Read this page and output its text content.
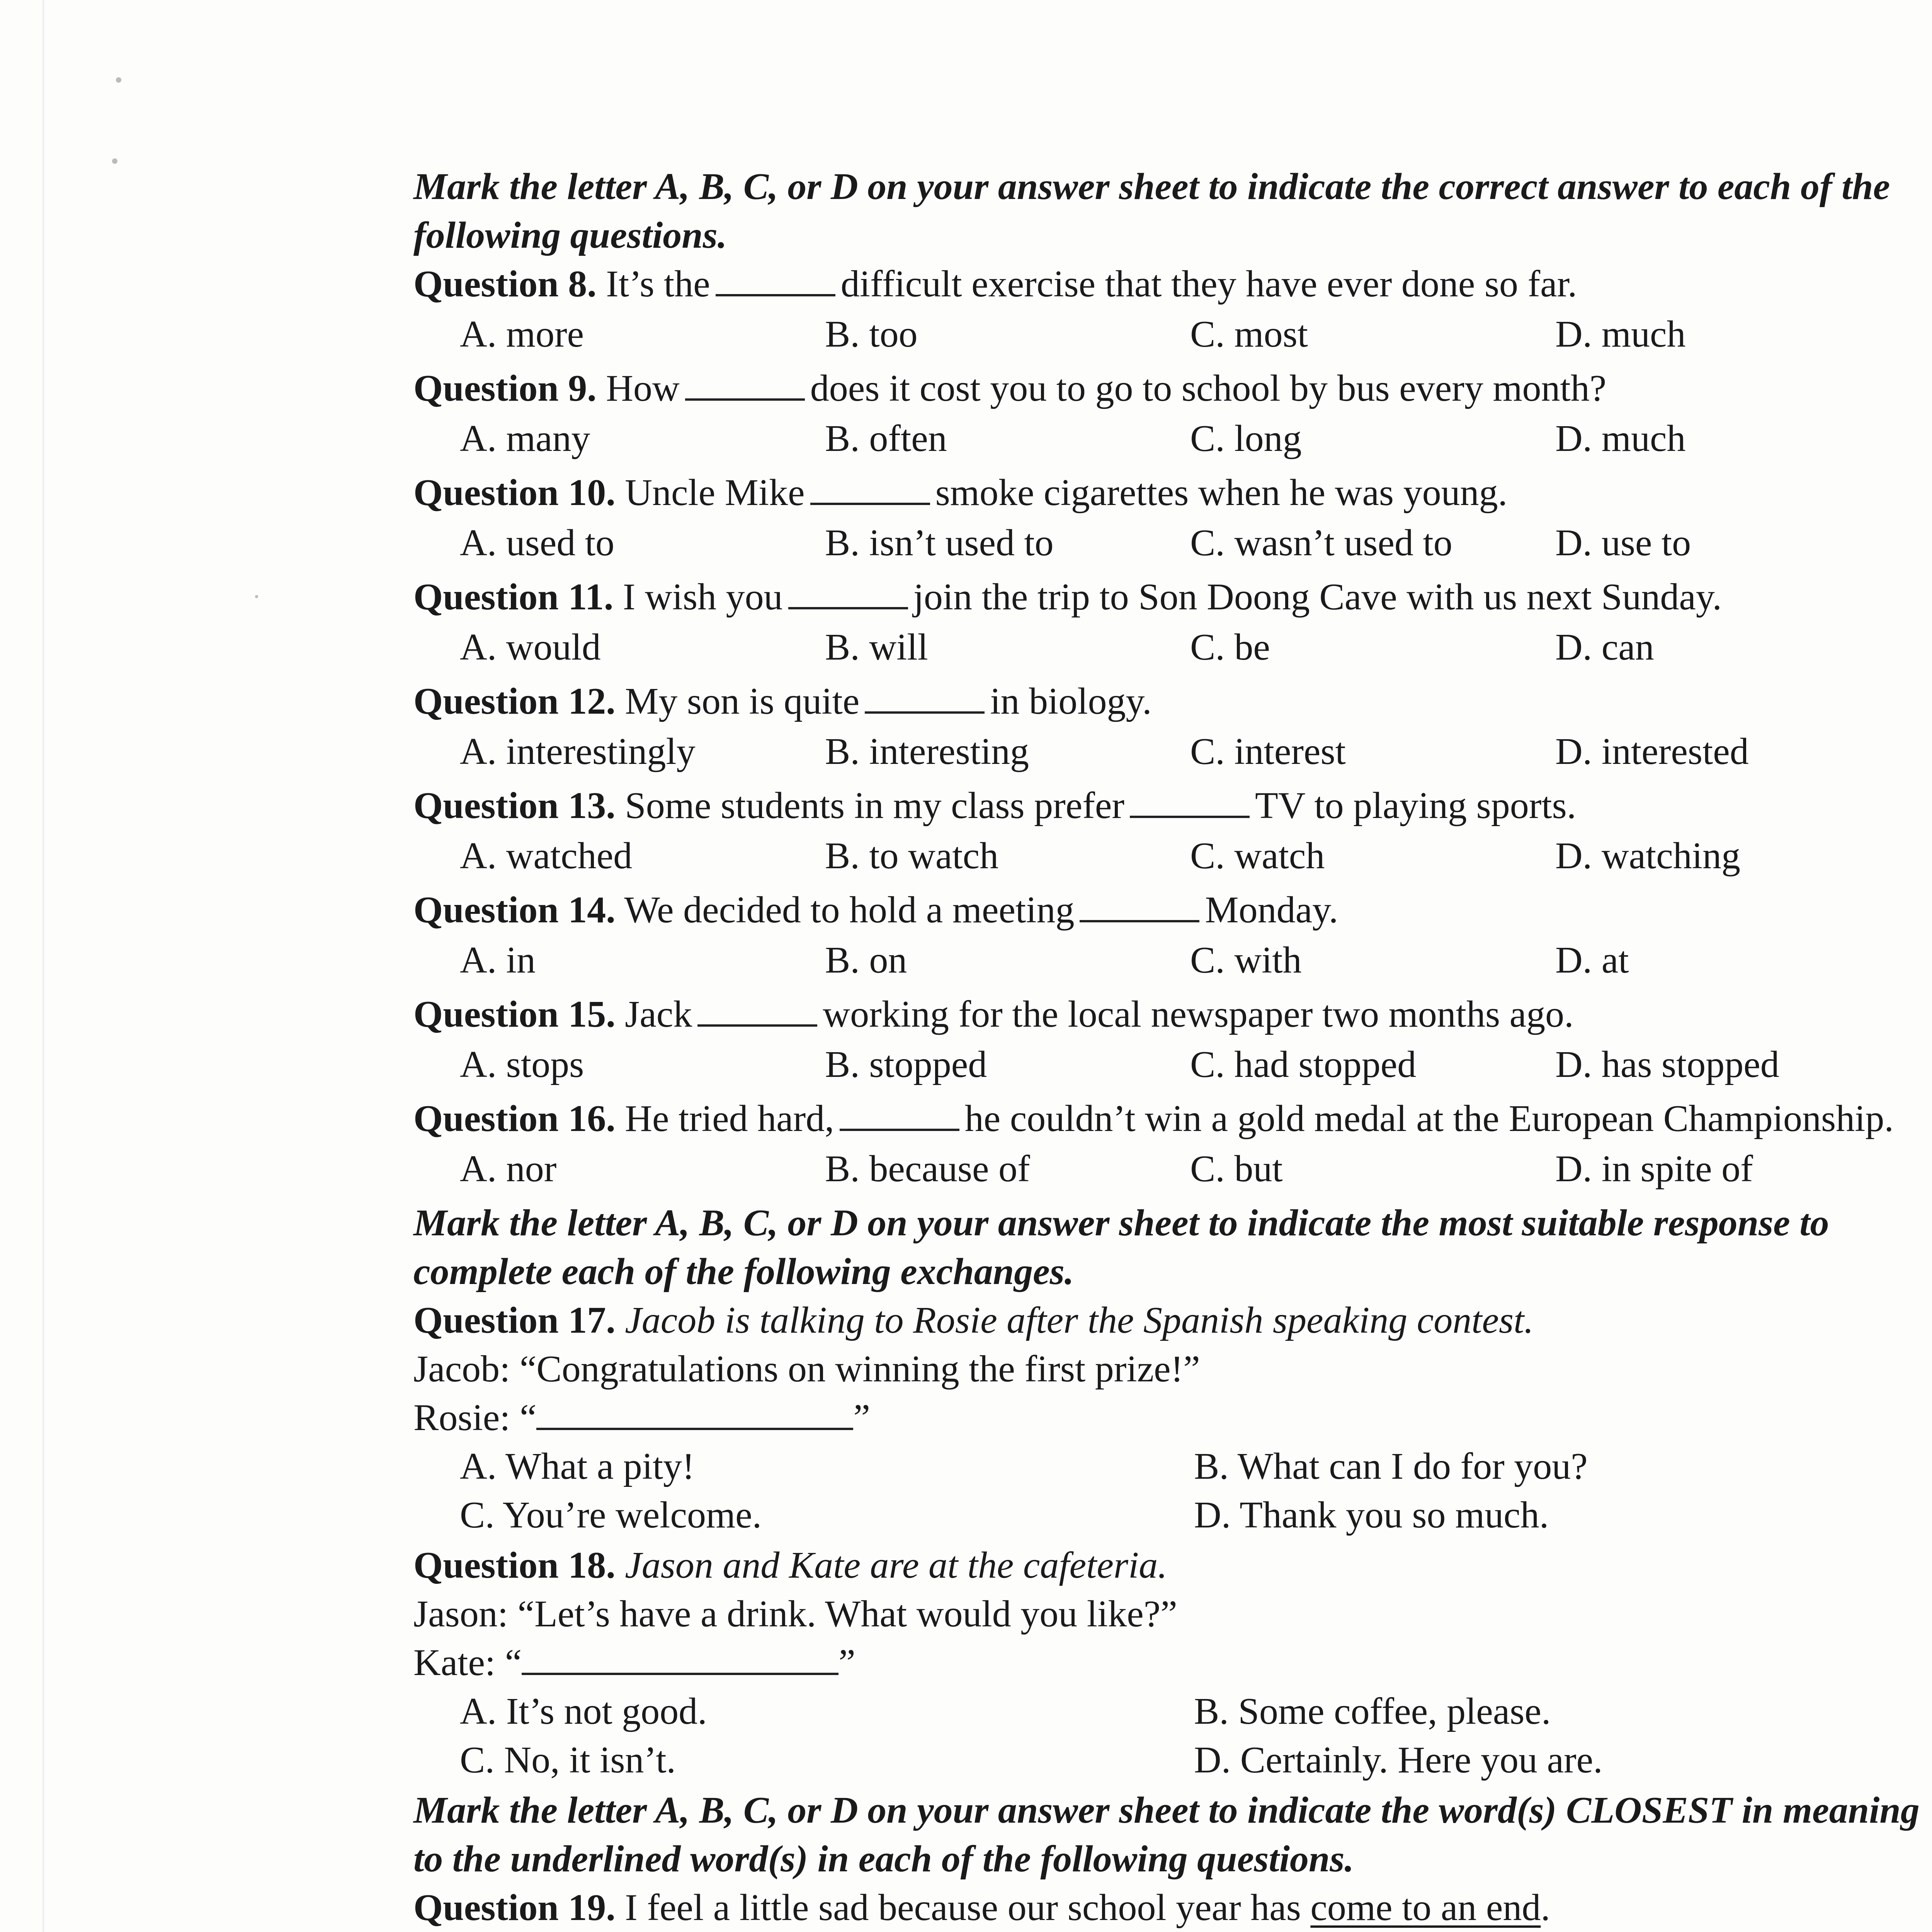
Mark the letter A, B, C, or D on your answer sheet to indicate the correct answer to each of the following questions.

Question 8. It’s the	difficult exercise that they have ever done so far.

A. more	B. too	C. most	D. much

Question 9. How	does it cost you to go to school by bus every month?

A. many	B. often	C. long	D. much

Question 10. Uncle Mike	smoke cigarettes when he was young.

A. used to	B. isn’t used to	C. wasn’t used to	D. use to

Question 11. I wish you	join the trip to Son Doong Cave with us next Sunday.

A. would	B. will	C. be	D. can

Question 12. My son is quite	in biology.

A. interestingly	B. interesting	C. interest	D. interested

Question 13. Some students in my class prefer	TV to playing sports.

A. watched	B. to watch	C. watch	D. watching

Question 14. We decided to hold a meeting	Monday.

A. in	B. on	C. with	D. at

Question 15. Jack	working for the local newspaper two months ago.

A. stops	B. stopped	C. had stopped	D. has stopped

Question 16. He tried hard,	he couldn’t win a gold medal at the European Championship.

A. nor	B. because of	C. but	D. in spite of

Mark the letter A, B, C, or D on your answer sheet to indicate the most suitable response to complete each of the following exchanges.

Question 17. Jacob is talking to Rosie after the Spanish speaking contest.

Jacob: “Congratulations on winning the first prize!”

Rosie: “	”

A. What a pity!	B. What can I do for you?
C. You’re welcome.	D. Thank you so much.

Question 18. Jason and Kate are at the cafeteria.

Jason: “Let’s have a drink. What would you like?”

Kate: “	”

A. It’s not good.	B. Some coffee, please.
C. No, it isn’t.	D. Certainly. Here you are.

Mark the letter A, B, C, or D on your answer sheet to indicate the word(s) CLOSEST in meaning to the underlined word(s) in each of the following questions.

Question 19. I feel a little sad because our school year has come to an end.
